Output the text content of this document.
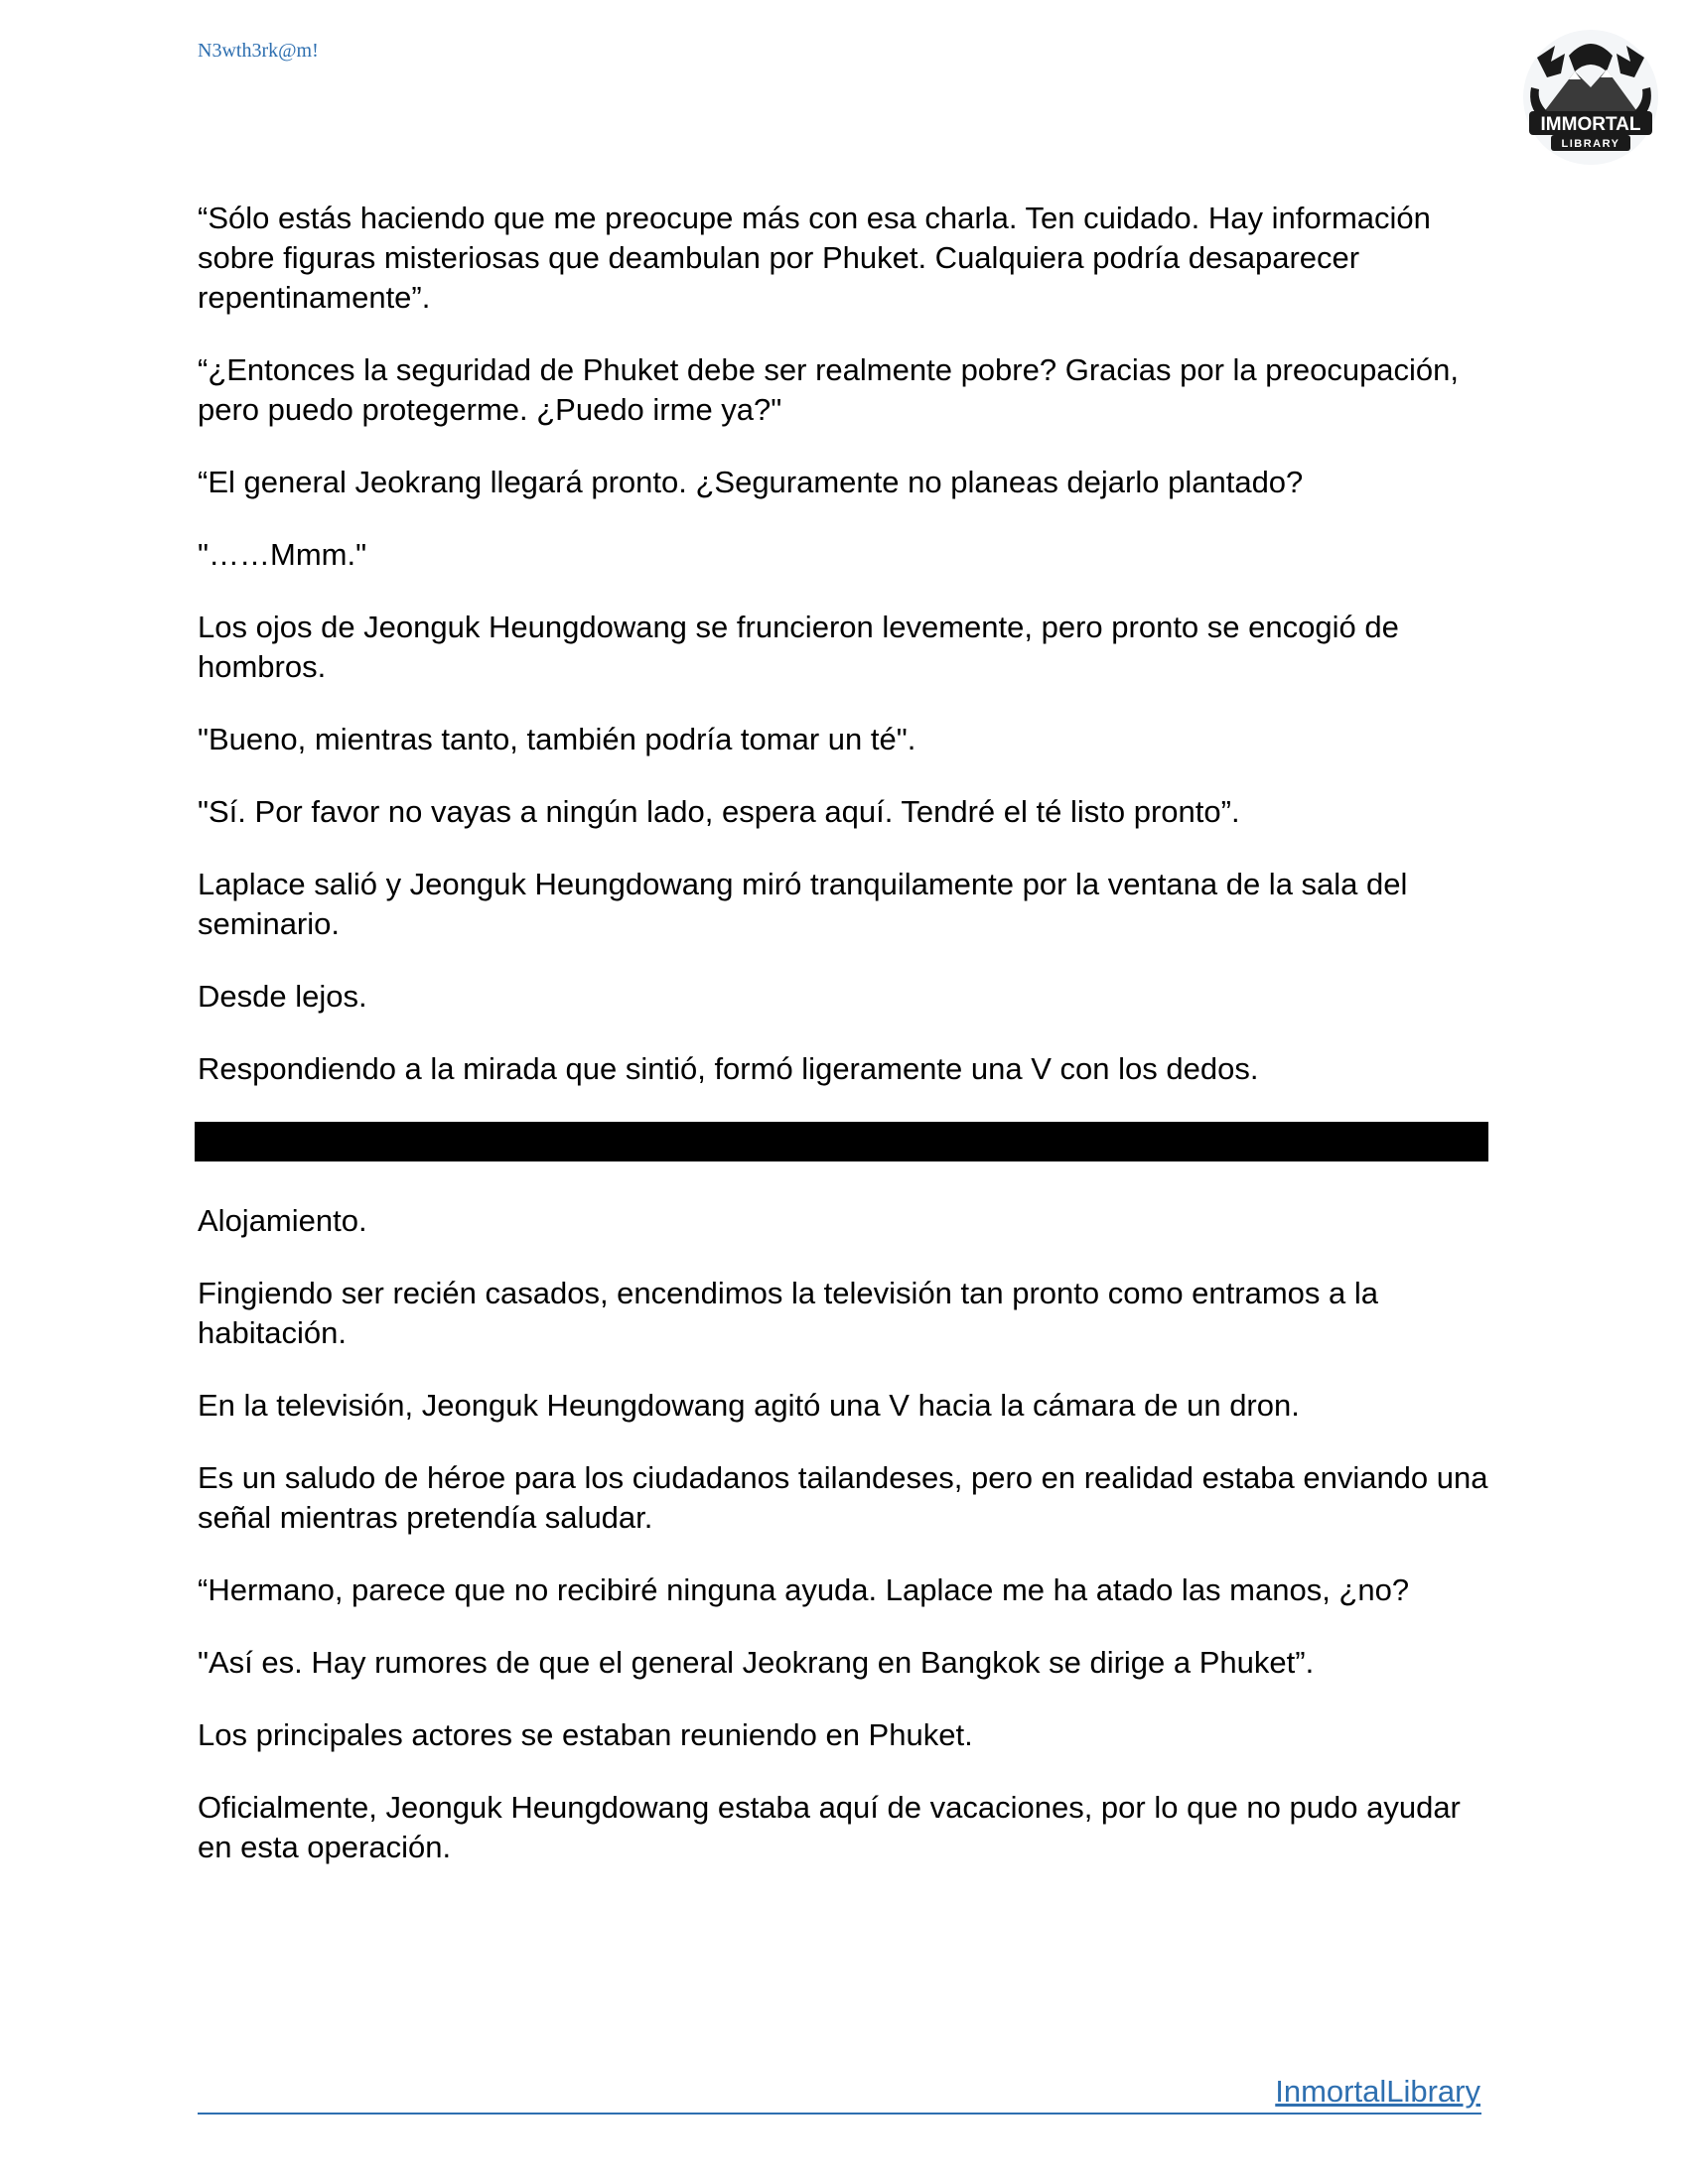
N3wth3rk@m!
IMMORTAL
LIBRARY

“Sólo estás haciendo que me preocupe más con esa charla. Ten cuidado. Hay información sobre figuras misteriosas que deambulan por Phuket. Cualquiera podría desaparecer repentinamente”.

“¿Entonces la seguridad de Phuket debe ser realmente pobre? Gracias por la preocupación, pero puedo protegerme. ¿Puedo irme ya?"

“El general Jeokrang llegará pronto. ¿Seguramente no planeas dejarlo plantado?

"……Mmm."

Los ojos de Jeonguk Heungdowang se fruncieron levemente, pero pronto se encogió de hombros.

"Bueno, mientras tanto, también podría tomar un té".

"Sí. Por favor no vayas a ningún lado, espera aquí. Tendré el té listo pronto”.

Laplace salió y Jeonguk Heungdowang miró tranquilamente por la ventana de la sala del seminario.

Desde lejos.

Respondiendo a la mirada que sintió, formó ligeramente una V con los dedos.

Alojamiento.

Fingiendo ser recién casados, encendimos la televisión tan pronto como entramos a la habitación.

En la televisión, Jeonguk Heungdowang agitó una V hacia la cámara de un dron.

Es un saludo de héroe para los ciudadanos tailandeses, pero en realidad estaba enviando una señal mientras pretendía saludar.

“Hermano, parece que no recibiré ninguna ayuda. Laplace me ha atado las manos, ¿no?

"Así es. Hay rumores de que el general Jeokrang en Bangkok se dirige a Phuket”.

Los principales actores se estaban reuniendo en Phuket.

Oficialmente, Jeonguk Heungdowang estaba aquí de vacaciones, por lo que no pudo ayudar en esta operación.

InmortalLibrary
